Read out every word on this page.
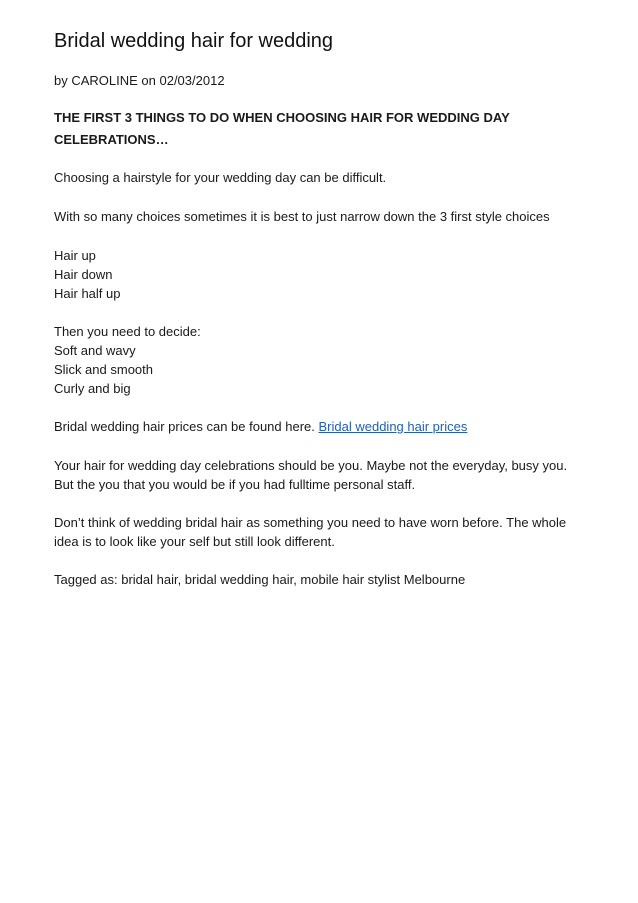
Bridal wedding hair for wedding
by CAROLINE on 02/03/2012
THE FIRST 3 THINGS TO DO WHEN CHOOSING HAIR FOR WEDDING DAY CELEBRATIONS…

Choosing a hairstyle for your wedding day can be difficult.

With so many choices sometimes it is best to just narrow down the 3 first style choices

Hair up
Hair down
Hair half up

Then you need to decide:
Soft and wavy
Slick and smooth
Curly and big

Bridal wedding hair prices can be found here. Bridal wedding hair prices

Your hair for wedding day celebrations should be you. Maybe not the everyday, busy you.
But the you that you would be if you had fulltime personal staff.

Don’t think of wedding bridal hair as something you need to have worn before. The whole
idea is to look like your self but still look different.

Tagged as: bridal hair, bridal wedding hair, mobile hair stylist Melbourne
